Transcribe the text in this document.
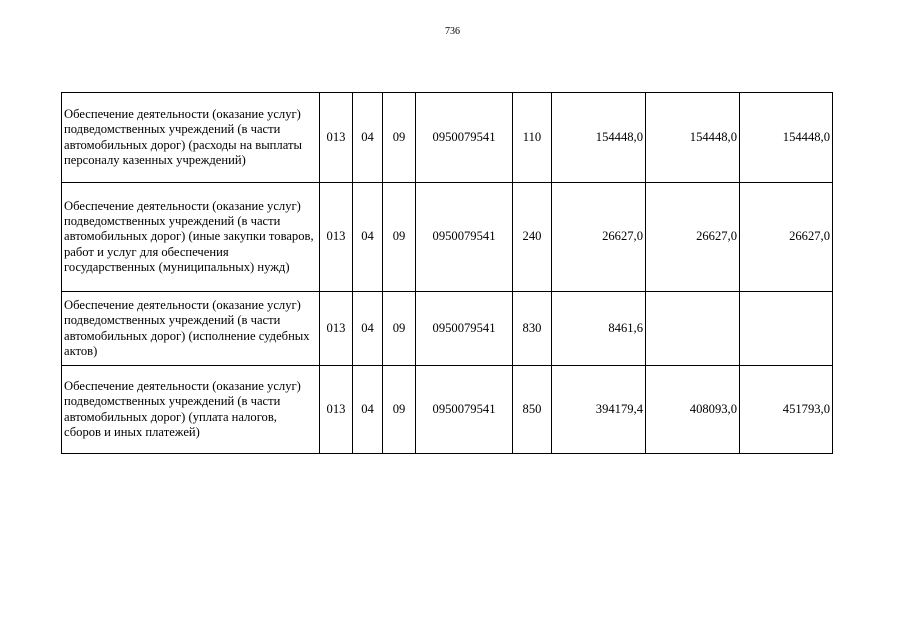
736
Обеспечение деятельности (оказание услуг) подведомственных учреждений (в части автомобильных дорог) (расходы на выплаты персоналу казенных учреждений)	013	04	09	0950079541	110	154448,0	154448,0	154448,0
Обеспечение деятельности (оказание услуг) подведомственных учреждений (в части автомобильных дорог) (иные закупки товаров, работ и услуг для обеспечения государственных (муниципальных) нужд)	013	04	09	0950079541	240	26627,0	26627,0	26627,0
Обеспечение деятельности (оказание услуг) подведомственных учреждений (в части автомобильных дорог) (исполнение судебных актов)	013	04	09	0950079541	830	8461,6		
Обеспечение деятельности (оказание услуг) подведомственных учреждений (в части автомобильных дорог) (уплата налогов, сборов и иных платежей)	013	04	09	0950079541	850	394179,4	408093,0	451793,0
